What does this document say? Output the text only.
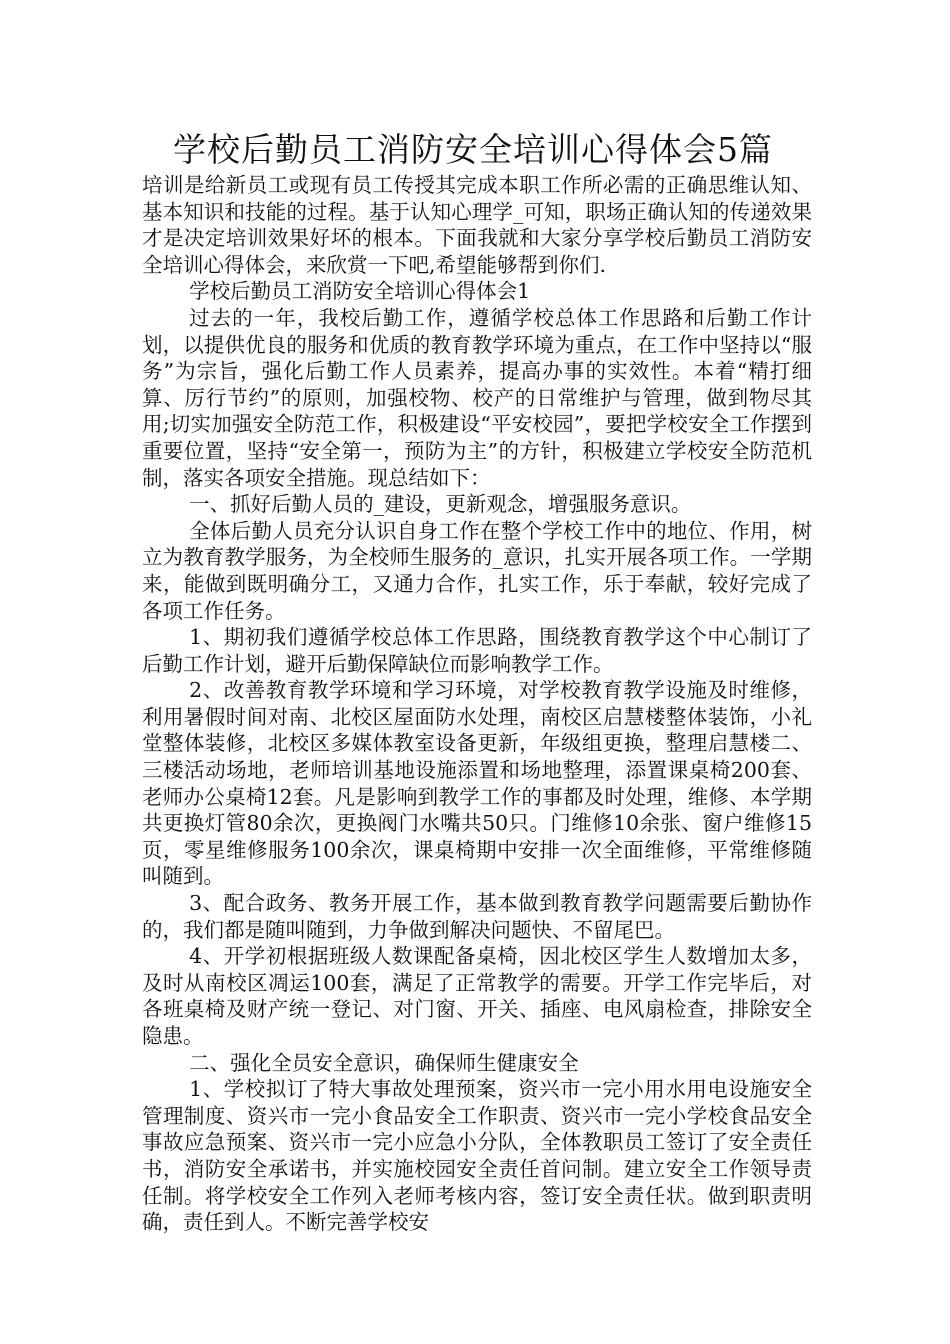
学校后勤员工消防安全培训心得体会5篇

培训是给新员工或现有员工传授其完成本职工作所必需的正确思维认知、基本知识和技能的过程。基于认知心理学_可知，职场正确认知的传递效果才是决定培训效果好坏的根本。下面我就和大家分享学校后勤员工消防安全培训心得体会，来欣赏一下吧,希望能够帮到你们.

学校后勤员工消防安全培训心得体会1

过去的一年，我校后勤工作，遵循学校总体工作思路和后勤工作计划，以提供优良的服务和优质的教育教学环境为重点，在工作中坚持以“服务”为宗旨，强化后勤工作人员素养，提高办事的实效性。本着“精打细算、厉行节约”的原则，加强校物、校产的日常维护与管理，做到物尽其用;切实加强安全防范工作，积极建设“平安校园”，要把学校安全工作摆到重要位置，坚持“安全第一，预防为主”的方针，积极建立学校安全防范机制，落实各项安全措施。现总结如下：

一、抓好后勤人员的_建设，更新观念，增强服务意识。

全体后勤人员充分认识自身工作在整个学校工作中的地位、作用，树立为教育教学服务，为全校师生服务的_意识，扎实开展各项工作。一学期来，能做到既明确分工，又通力合作，扎实工作，乐于奉献，较好完成了各项工作任务。

1、期初我们遵循学校总体工作思路，围绕教育教学这个中心制订了后勤工作计划，避开后勤保障缺位而影响教学工作。

2、改善教育教学环境和学习环境，对学校教育教学设施及时维修，利用暑假时间对南、北校区屋面防水处理，南校区启慧楼整体装饰，小礼堂整体装修，北校区多媒体教室设备更新，年级组更换，整理启慧楼二、三楼活动场地，老师培训基地设施添置和场地整理，添置课桌椅200套、老师办公桌椅12套。凡是影响到教学工作的事都及时处理，维修、本学期共更换灯管80余次，更换阀门水嘴共50只。门维修10余张、窗户维修15页，零星维修服务100余次，课桌椅期中安排一次全面维修，平常维修随叫随到。

3、配合政务、教务开展工作，基本做到教育教学问题需要后勤协作的，我们都是随叫随到，力争做到解决问题快、不留尾巴。

4、开学初根据班级人数课配备桌椅，因北校区学生人数增加太多，及时从南校区凋运100套，满足了正常教学的需要。开学工作完毕后，对各班桌椅及财产统一登记、对门窗、开关、插座、电风扇检查，排除安全隐患。

二、强化全员安全意识，确保师生健康安全

1、学校拟订了特大事故处理预案，资兴市一完小用水用电设施安全管理制度、资兴市一完小食品安全工作职责、资兴市一完小学校食品安全事故应急预案、资兴市一完小应急小分队，全体教职员工签订了安全责任书，消防安全承诺书，并实施校园安全责任首问制。建立安全工作领导责任制。将学校安全工作列入老师考核内容，签订安全责任状。做到职责明确，责任到人。不断完善学校安
